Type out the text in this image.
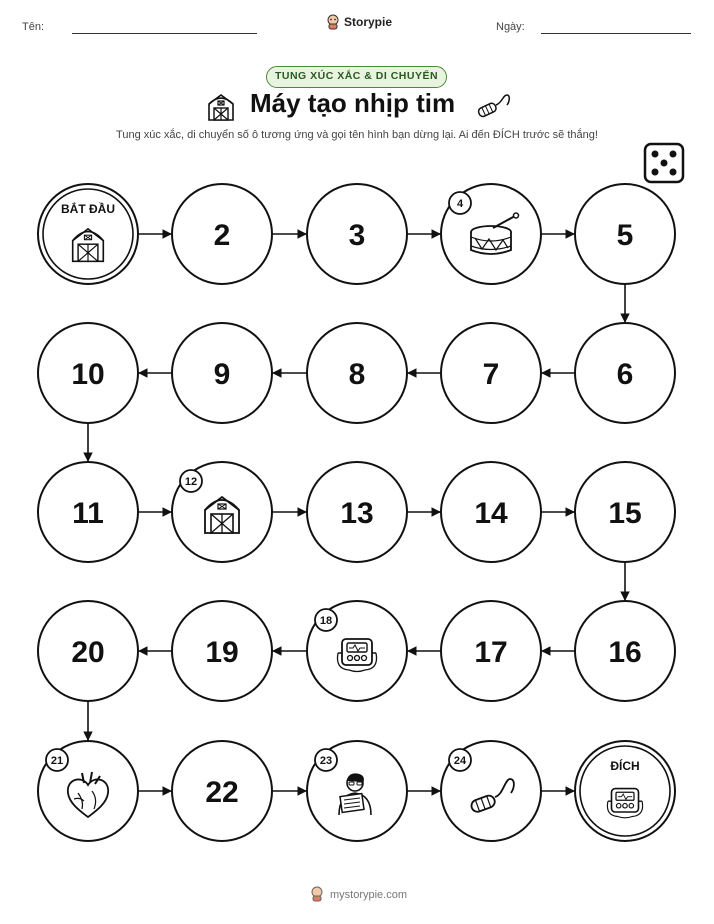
Tên:	Storypie	Ngày:
TUNG XÚC XẮC & DI CHUYỂN
Máy tạo nhịp tim
Tung xúc xắc, di chuyển số ô tương ứng và gọi tên hình bạn dừng lại. Ai đến ĐÍCH trước sẽ thắng!
BẮT ĐẦU
2	3
4
5
6
7
8
9
10
11
12
13	14	15
16
17
18
19
20
21
22
23	24	ĐÍCH
mystorypie.com
